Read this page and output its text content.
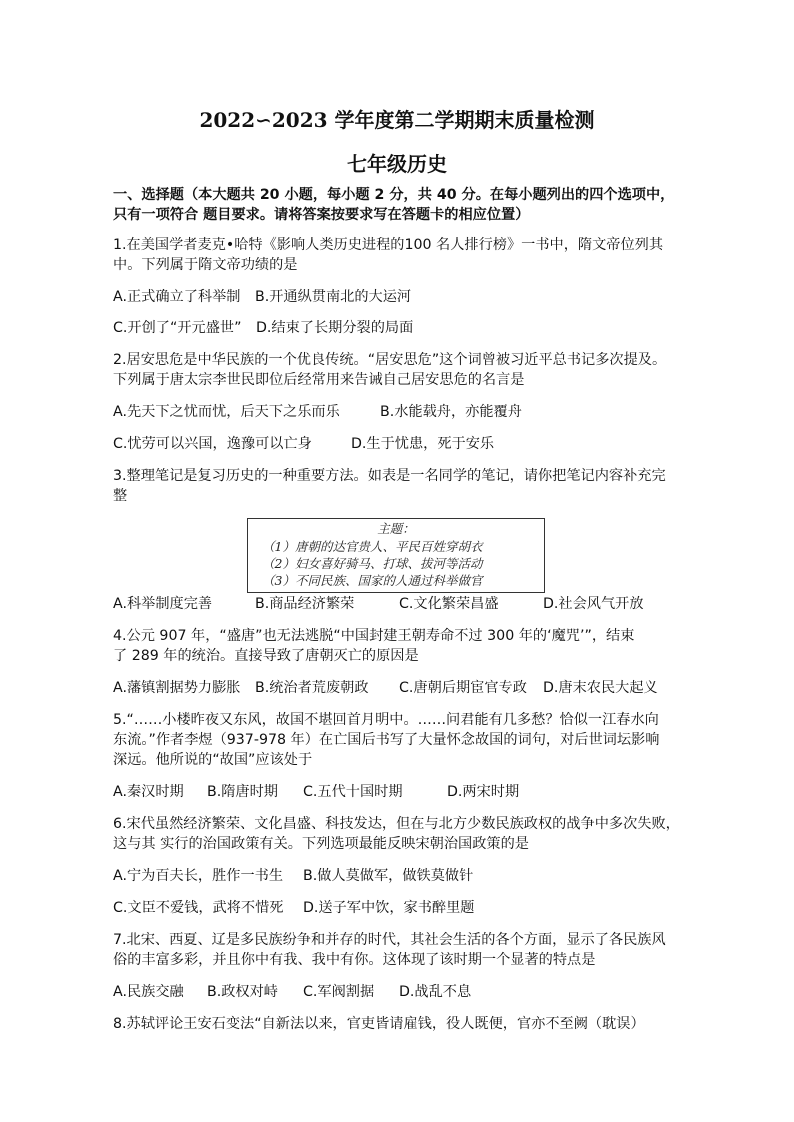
2022∽2023 学年度第二学期期末质量检测
七年级历史
一、选择题（本大题共 20 小题，每小题 2 分，共 40 分。在每小题列出的四个选项中，
只有一项符合 题目要求。请将答案按要求写在答题卡的相应位置）
1.在美国学者麦克•哈特《影响人类历史进程的100 名人排行榜》一书中，隋文帝位列其
中。下列属于隋文帝功绩的是
A.正式确立了科举制 B.开通纵贯南北的大运河
C.开创了“开元盛世” D.结束了长期分裂的局面
2.居安思危是中华民族的一个优良传统。“居安思危”这个词曾被习近平总书记多次提及。
下列属于唐太宗李世民即位后经常用来告诫自己居安思危的名言是
A.先天下之忧而忧，后天下之乐而乐	B.水能载舟，亦能覆舟
C.忧劳可以兴国，逸豫可以亡身	D.生于忧患，死于安乐
3.整理笔记是复习历史的一种重要方法。如表是一名同学的笔记，请你把笔记内容补充完
整
主题：
（1）唐朝的达官贵人、平民百姓穿胡衣
（2）妇女喜好骑马、打球、拔河等活动
（3）不同民族、国家的人通过科举做官
A.科举制度完善	B.商品经济繁荣	C.文化繁荣昌盛	D.社会风气开放
4.公元 907 年，“盛唐”也无法逃脱“中国封建王朝寿命不过 300 年的‘魔咒’”，结束
了 289 年的统治。直接导致了唐朝灭亡的原因是
A.藩镇割据势力膨胀 B.统治者荒废朝政 C.唐朝后期宦官专政 D.唐末农民大起义
5.“……小楼昨夜又东风，故国不堪回首月明中。……问君能有几多愁？恰似一江春水向
东流。”作者李煜（937-978 年）在亡国后书写了大量怀念故国的词句，对后世词坛影响
深远。他所说的“故国”应该处于
A.秦汉时期 B.隋唐时期 C.五代十国时期	D.两宋时期
6.宋代虽然经济繁荣、文化昌盛、科技发达，但在与北方少数民族政权的战争中多次失败，
这与其 实行的治国政策有关。下列选项最能反映宋朝治国政策的是
A.宁为百夫长，胜作一书生 B.做人莫做军，做铁莫做针
C.文臣不爱钱，武将不惜死 D.送子军中饮，家书醉里题
7.北宋、西夏、辽是多民族纷争和并存的时代，其社会生活的各个方面，显示了各民族风
俗的丰富多彩，并且你中有我、我中有你。这体现了该时期一个显著的特点是
A.民族交融 B.政权对峙 C.军阀割据 D.战乱不息
8.苏轼评论王安石变法“自新法以来，官吏皆请雇钱，役人既便，官亦不至阙（耽误）
